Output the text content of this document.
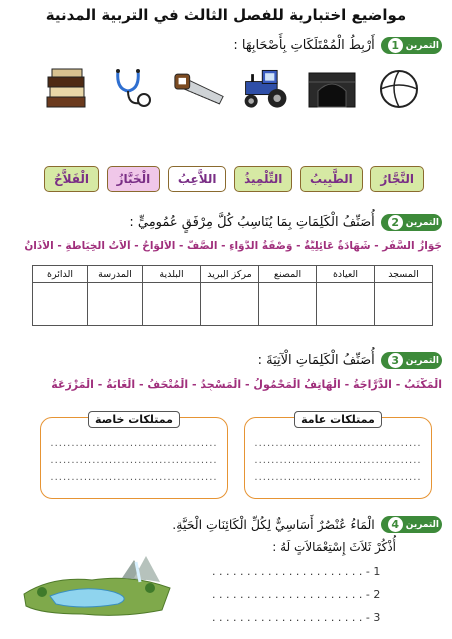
مواضيع اختبارية للفصل الثالث في التربية المدنية
التمرين
1
أَرْبِطُ الْمُمْتَلَكَاتِ بِأَصْحَابِهَا :
النَّجَّارُ
الطَّبِيبُ
التِّلْمِيذُ
اللاَّعِبُ
الْخَبَّازُ
الْفَلاَّحُ
التمرين
2
أُصَنِّفُ الْكَلِمَاتِ بِمَا يُنَاسِبُ كُلَّ مِرْفَقٍ عُمُومِيٍّ :
جَوَازُ السَّفَرِ - شَهَادَةٌ عَائِلِيَّةٌ - وَصْفَةُ الدَّوَاءِ - الصَّفُّ - الْأَلْوَاحُ - آلاَتُ الْخِيَاطَةِ - الْأَذَانُ
المسجد	العيادة	المصنع	مركز البريد	البلدية	المدرسة	الدائرة

التمرين
3
أُصَنِّفُ الْكَلِمَاتِ الْآتِيَةَ :
الْمَكْتَبُ - الدَّرَّاجَةُ - الْهَاتِفُ الْمَحْمُولُ - الْمَسْجِدُ - الْمُتْحَفُ - الْغَابَةُ - الْمَزْرَعَةُ
ممتلكات عامة
........................................
........................................
........................................
ممتلكات خاصة
........................................
........................................
........................................
التمرين
4
الْمَاءُ عُنْصُرٌ أَسَاسِيٌّ لِكُلِّ الْكَائِنَاتِ الْحَيَّةِ.
أُذْكُرْ ثَلاَثَ إِسْتِعْمَالاَتٍ لَهُ :
. . . . . . . . . . . . . . . . . . . . . . - 1
. . . . . . . . . . . . . . . . . . . . . . - 2
. . . . . . . . . . . . . . . . . . . . . . - 3
